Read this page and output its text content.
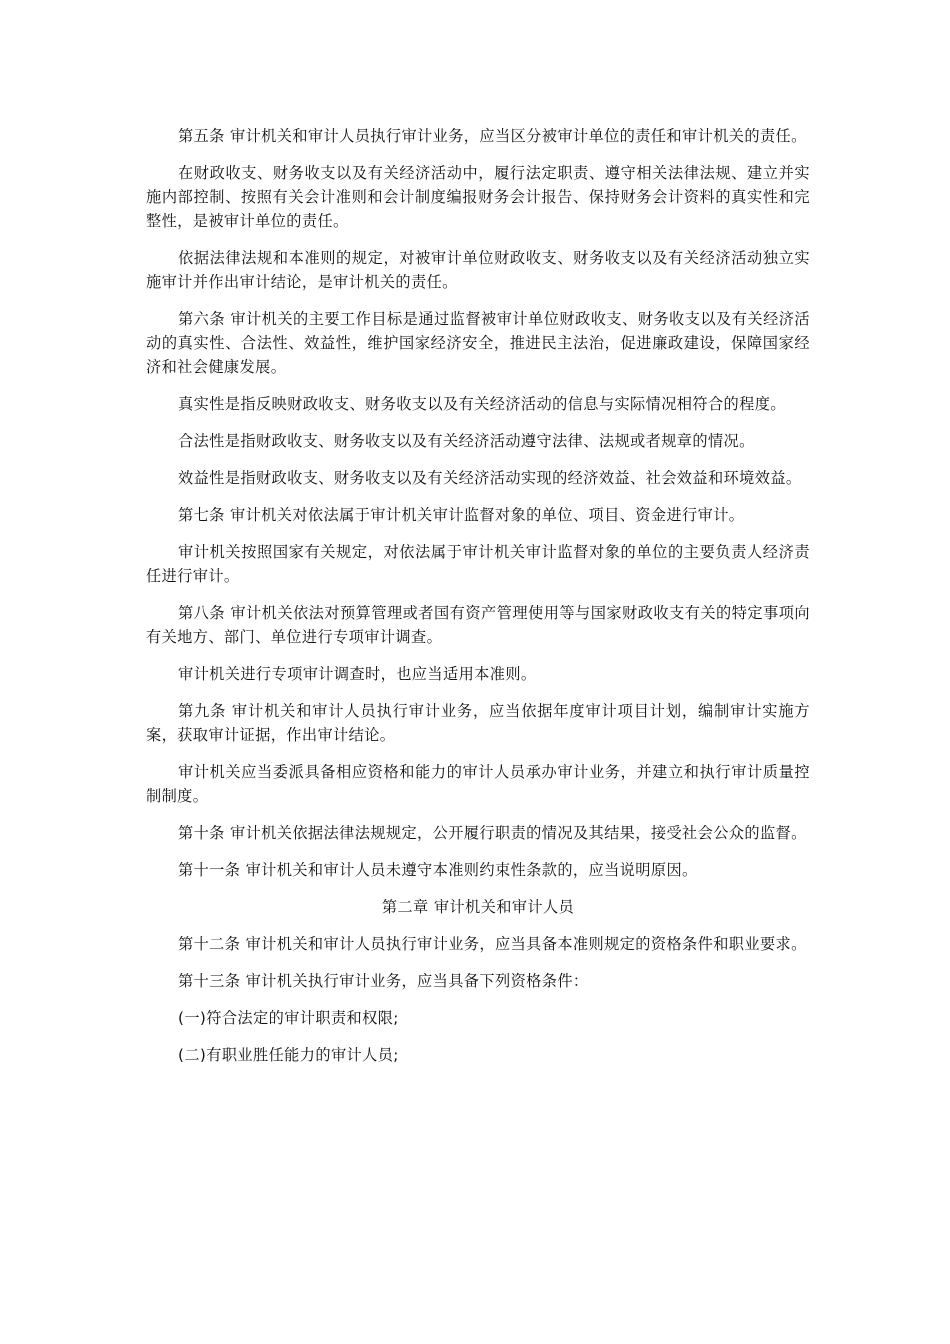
第五条 审计机关和审计人员执行审计业务，应当区分被审计单位的责任和审计机关的责任。

在财政收支、财务收支以及有关经济活动中，履行法定职责、遵守相关法律法规、建立并实施内部控制、按照有关会计准则和会计制度编报财务会计报告、保持财务会计资料的真实性和完整性，是被审计单位的责任。

依据法律法规和本准则的规定，对被审计单位财政收支、财务收支以及有关经济活动独立实施审计并作出审计结论，是审计机关的责任。

第六条 审计机关的主要工作目标是通过监督被审计单位财政收支、财务收支以及有关经济活动的真实性、合法性、效益性，维护国家经济安全，推进民主法治，促进廉政建设，保障国家经济和社会健康发展。

真实性是指反映财政收支、财务收支以及有关经济活动的信息与实际情况相符合的程度。

合法性是指财政收支、财务收支以及有关经济活动遵守法律、法规或者规章的情况。

效益性是指财政收支、财务收支以及有关经济活动实现的经济效益、社会效益和环境效益。

第七条 审计机关对依法属于审计机关审计监督对象的单位、项目、资金进行审计。

审计机关按照国家有关规定，对依法属于审计机关审计监督对象的单位的主要负责人经济责任进行审计。

第八条 审计机关依法对预算管理或者国有资产管理使用等与国家财政收支有关的特定事项向有关地方、部门、单位进行专项审计调查。

审计机关进行专项审计调查时，也应当适用本准则。

第九条 审计机关和审计人员执行审计业务，应当依据年度审计项目计划，编制审计实施方案，获取审计证据，作出审计结论。

审计机关应当委派具备相应资格和能力的审计人员承办审计业务，并建立和执行审计质量控制制度。

第十条 审计机关依据法律法规规定，公开履行职责的情况及其结果，接受社会公众的监督。

第十一条 审计机关和审计人员未遵守本准则约束性条款的，应当说明原因。

第二章 审计机关和审计人员

第十二条 审计机关和审计人员执行审计业务，应当具备本准则规定的资格条件和职业要求。

第十三条 审计机关执行审计业务，应当具备下列资格条件：

(一)符合法定的审计职责和权限;

(二)有职业胜任能力的审计人员;
